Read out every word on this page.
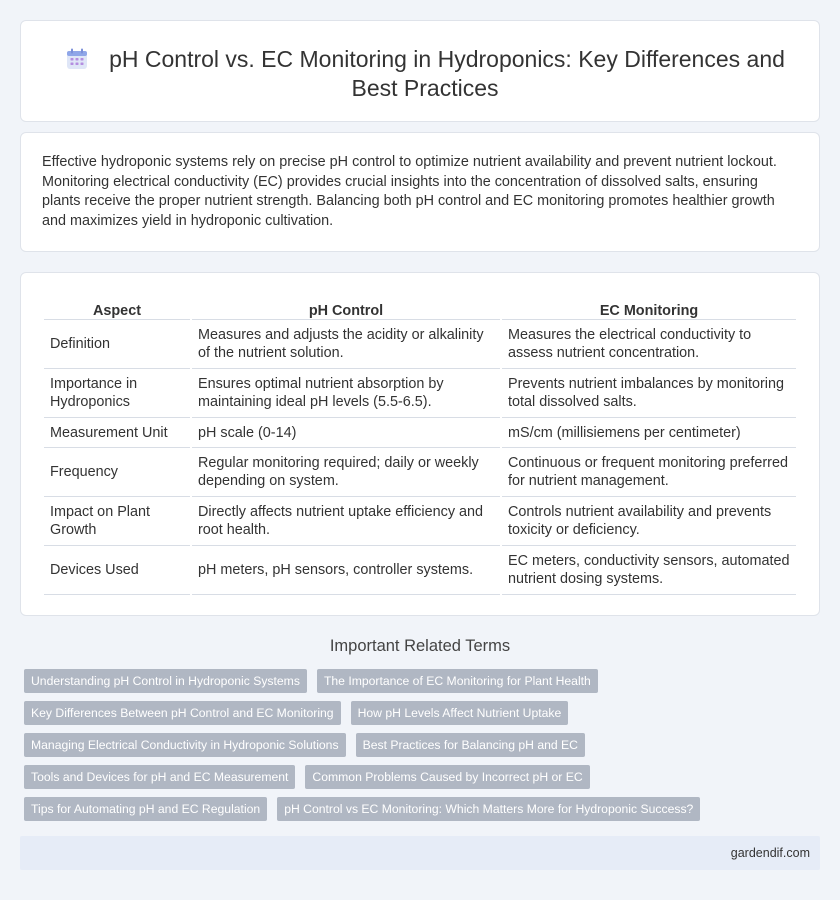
pH Control vs. EC Monitoring in Hydroponics: Key Differences and Best Practices

Effective hydroponic systems rely on precise pH control to optimize nutrient availability and prevent nutrient lockout. Monitoring electrical conductivity (EC) provides crucial insights into the concentration of dissolved salts, ensuring plants receive the proper nutrient strength. Balancing both pH control and EC monitoring promotes healthier growth and maximizes yield in hydroponic cultivation.

Aspect	pH Control	EC Monitoring
Definition	Measures and adjusts the acidity or alkalinity of the nutrient solution.	Measures the electrical conductivity to assess nutrient concentration.
Importance in Hydroponics	Ensures optimal nutrient absorption by maintaining ideal pH levels (5.5-6.5).	Prevents nutrient imbalances by monitoring total dissolved salts.
Measurement Unit	pH scale (0-14)	mS/cm (millisiemens per centimeter)
Frequency	Regular monitoring required; daily or weekly depending on system.	Continuous or frequent monitoring preferred for nutrient management.
Impact on Plant Growth	Directly affects nutrient uptake efficiency and root health.	Controls nutrient availability and prevents toxicity or deficiency.
Devices Used	pH meters, pH sensors, controller systems.	EC meters, conductivity sensors, automated nutrient dosing systems.
Important Related Terms
Understanding pH Control in Hydroponic Systems	The Importance of EC Monitoring for Plant Health
Key Differences Between pH Control and EC Monitoring	How pH Levels Affect Nutrient Uptake
Managing Electrical Conductivity in Hydroponic Solutions	Best Practices for Balancing pH and EC
Tools and Devices for pH and EC Measurement	Common Problems Caused by Incorrect pH or EC
Tips for Automating pH and EC Regulation	pH Control vs EC Monitoring: Which Matters More for Hydroponic Success?
gardendif.com
